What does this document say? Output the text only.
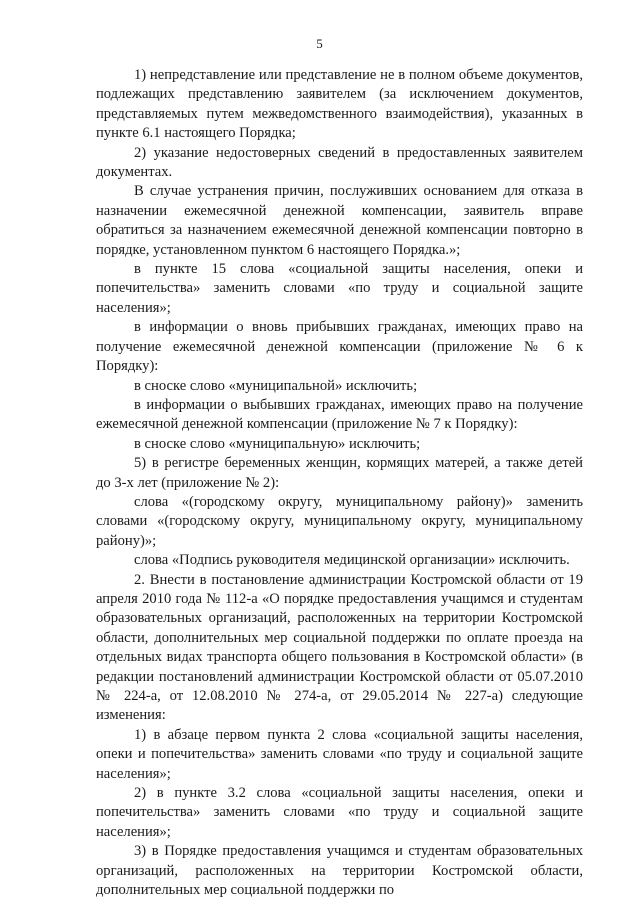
5

1) непредставление или представление не в полном объеме документов, подлежащих представлению заявителем (за исключением документов, представляемых путем межведомственного взаимодействия), указанных в пункте 6.1 настоящего Порядка;

2) указание недостоверных сведений в предоставленных заявителем документах.

В случае устранения причин, послуживших основанием для отказа в назначении ежемесячной денежной компенсации, заявитель вправе обратиться за назначением ежемесячной денежной компенсации повторно в порядке, установленном пунктом 6 настоящего Порядка.»;

в пункте 15 слова «социальной защиты населения, опеки и попечительства» заменить словами «по труду и социальной защите населения»;

в информации о вновь прибывших гражданах, имеющих право на получение ежемесячной денежной компенсации (приложение № 6 к Порядку):

в сноске слово «муниципальной» исключить;

в информации о выбывших гражданах, имеющих право на получение ежемесячной денежной компенсации (приложение № 7 к Порядку):

в сноске слово «муниципальную» исключить;

5) в регистре беременных женщин, кормящих матерей, а также детей до 3-х лет (приложение № 2):

слова «(городскому округу, муниципальному району)» заменить словами «(городскому округу, муниципальному округу, муниципальному району)»;

слова «Подпись руководителя медицинской организации» исключить.

2. Внести в постановление администрации Костромской области от 19 апреля 2010 года № 112-а «О порядке предоставления учащимся и студентам образовательных организаций, расположенных на территории Костромской области, дополнительных мер социальной поддержки по оплате проезда на отдельных видах транспорта общего пользования в Костромской области» (в редакции постановлений администрации Костромской области от 05.07.2010 № 224-а, от 12.08.2010 № 274-а, от 29.05.2014 № 227-а) следующие изменения:

1) в абзаце первом пункта 2 слова «социальной защиты населения, опеки и попечительства» заменить словами «по труду и социальной защите населения»;

2) в пункте 3.2 слова «социальной защиты населения, опеки и попечительства» заменить словами «по труду и социальной защите населения»;

3) в Порядке предоставления учащимся и студентам образовательных организаций, расположенных на территории Костромской области, дополнительных мер социальной поддержки по
